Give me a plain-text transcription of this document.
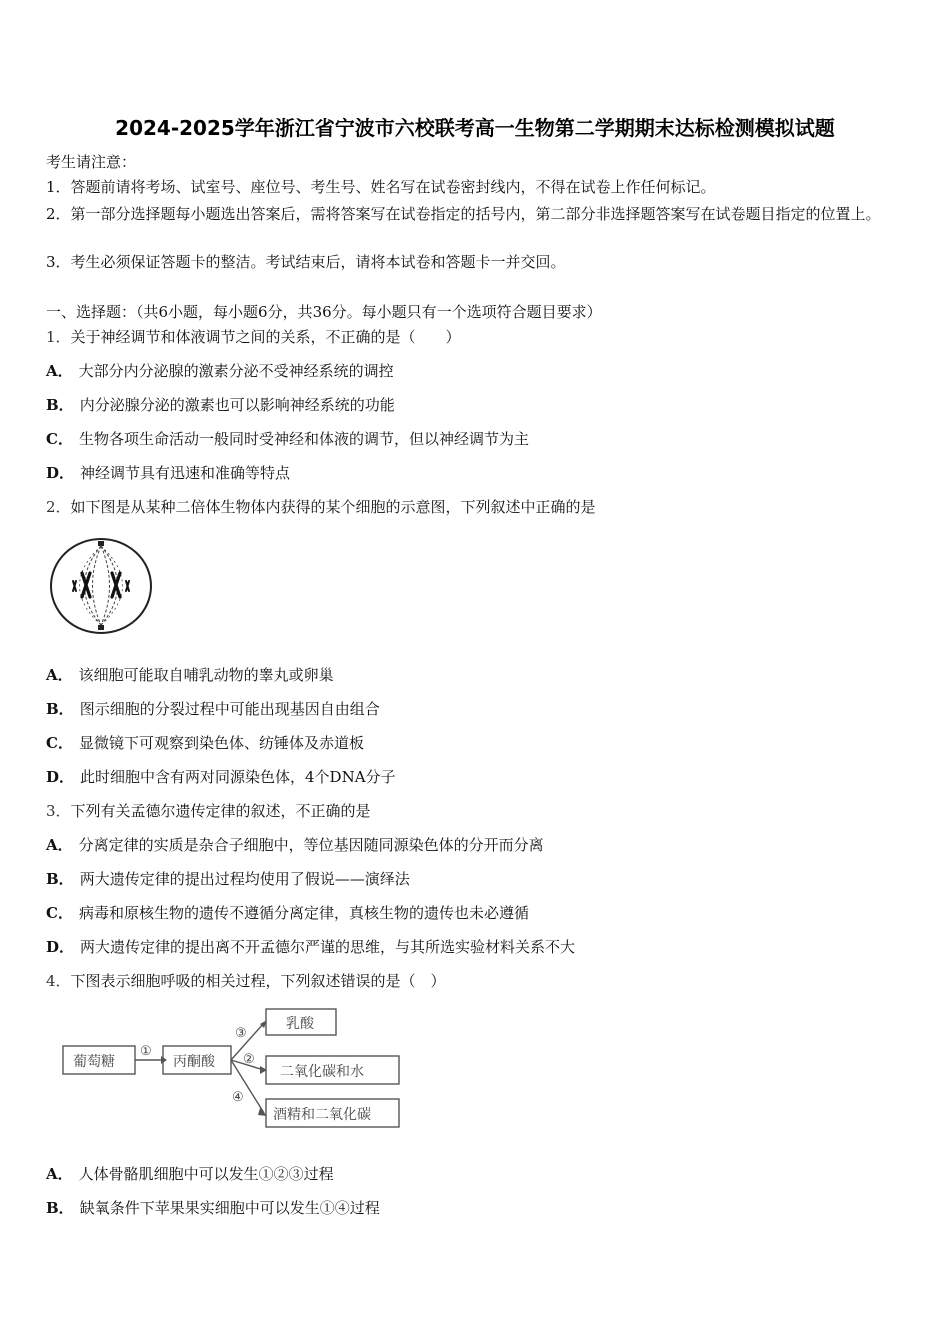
2024-2025学年浙江省宁波市六校联考高一生物第二学期期末达标检测模拟试题
考生请注意：
1．答题前请将考场、试室号、座位号、考生号、姓名写在试卷密封线内，不得在试卷上作任何标记。
2．第一部分选择题每小题选出答案后，需将答案写在试卷指定的括号内，第二部分非选择题答案写在试卷题目指定的位置上。
3．考生必须保证答题卡的整洁。考试结束后，请将本试卷和答题卡一并交回。
一、选择题：（共6小题，每小题6分，共36分。每小题只有一个选项符合题目要求）
1．关于神经调节和体液调节之间的关系，不正确的是（　　）
A． 大部分内分泌腺的激素分泌不受神经系统的调控
B． 内分泌腺分泌的激素也可以影响神经系统的功能
C． 生物各项生命活动一般同时受神经和体液的调节，但以神经调节为主
D． 神经调节具有迅速和准确等特点
2．如下图是从某种二倍体生物体内获得的某个细胞的示意图，下列叙述中正确的是
A． 该细胞可能取自哺乳动物的睾丸或卵巢
B． 图示细胞的分裂过程中可能出现基因自由组合
C． 显微镜下可观察到染色体、纺锤体及赤道板
D． 此时细胞中含有两对同源染色体，4个DNA分子
3．下列有关孟德尔遗传定律的叙述，不正确的是
A． 分离定律的实质是杂合子细胞中，等位基因随同源染色体的分开而分离
B． 两大遗传定律的提出过程均使用了假说——演绎法
C． 病毒和原核生物的遗传不遵循分离定律，真核生物的遗传也未必遵循
D． 两大遗传定律的提出离不开孟德尔严谨的思维，与其所选实验材料关系不大
4．下图表示细胞呼吸的相关过程，下列叙述错误的是（　）
葡萄糖	丙酮酸
乳酸
二氧化碳和水
酒精和二氧化碳
①
③
②
④
A． 人体骨骼肌细胞中可以发生①②③过程
B． 缺氧条件下苹果果实细胞中可以发生①④过程
